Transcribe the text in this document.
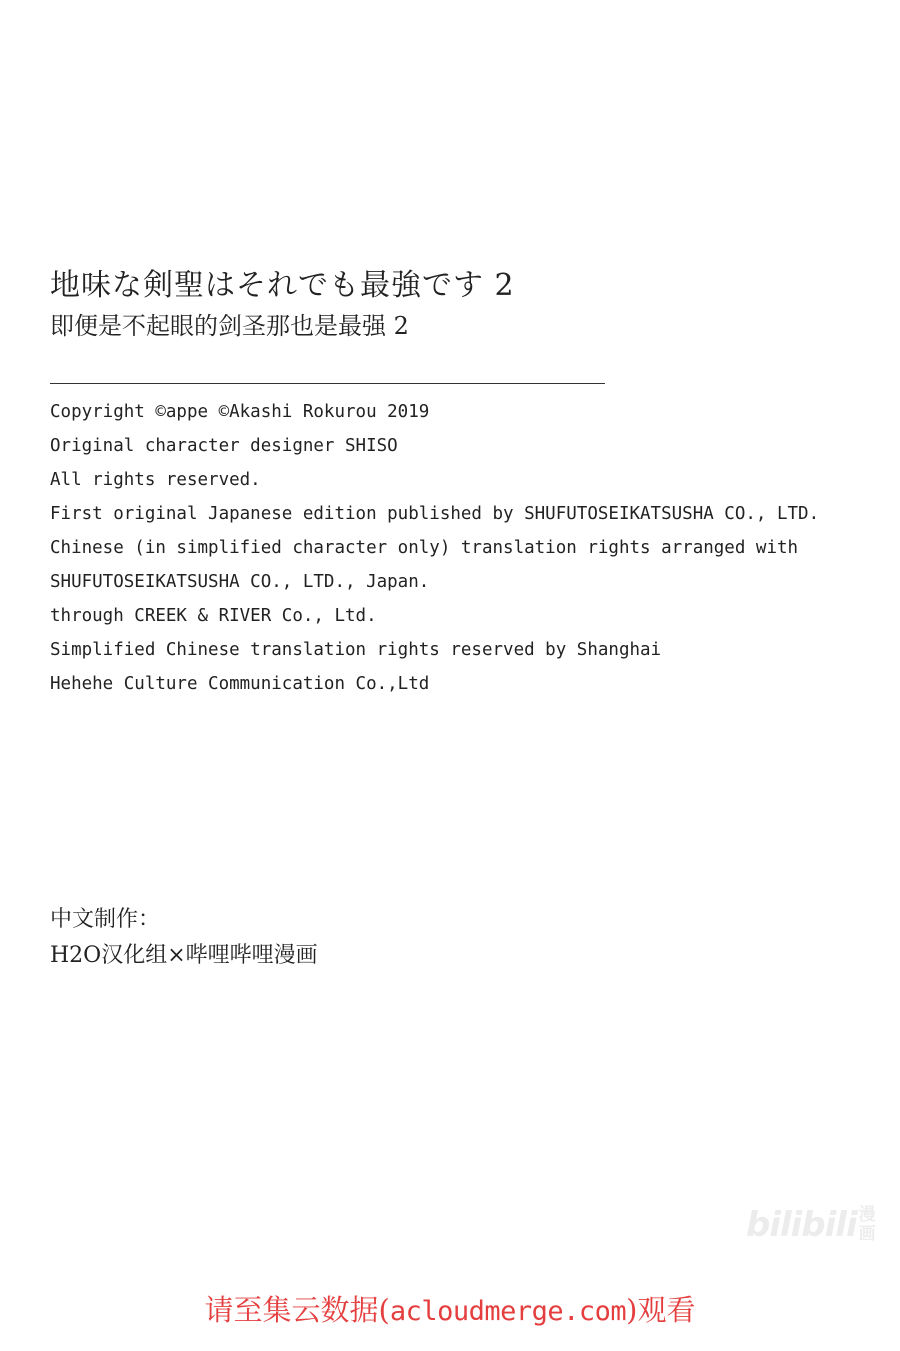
地味な剣聖はそれでも最強です 2
即便是不起眼的剑圣那也是最强 2
Copyright ©appe ©Akashi Rokurou 2019
Original character designer SHISO
All rights reserved.
First original Japanese edition published by SHUFUTOSEIKATSUSHA CO., LTD.
Chinese (in simplified character only) translation rights arranged with
SHUFUTOSEIKATSUSHA CO., LTD., Japan.
through CREEK & RIVER Co., Ltd.
Simplified Chinese translation rights reserved by Shanghai
Hehehe Culture Communication Co.,Ltd
中文制作：
H2O汉化组×哔哩哔哩漫画
bilibili 漫
画
请至集云数据(acloudmerge.com)观看
